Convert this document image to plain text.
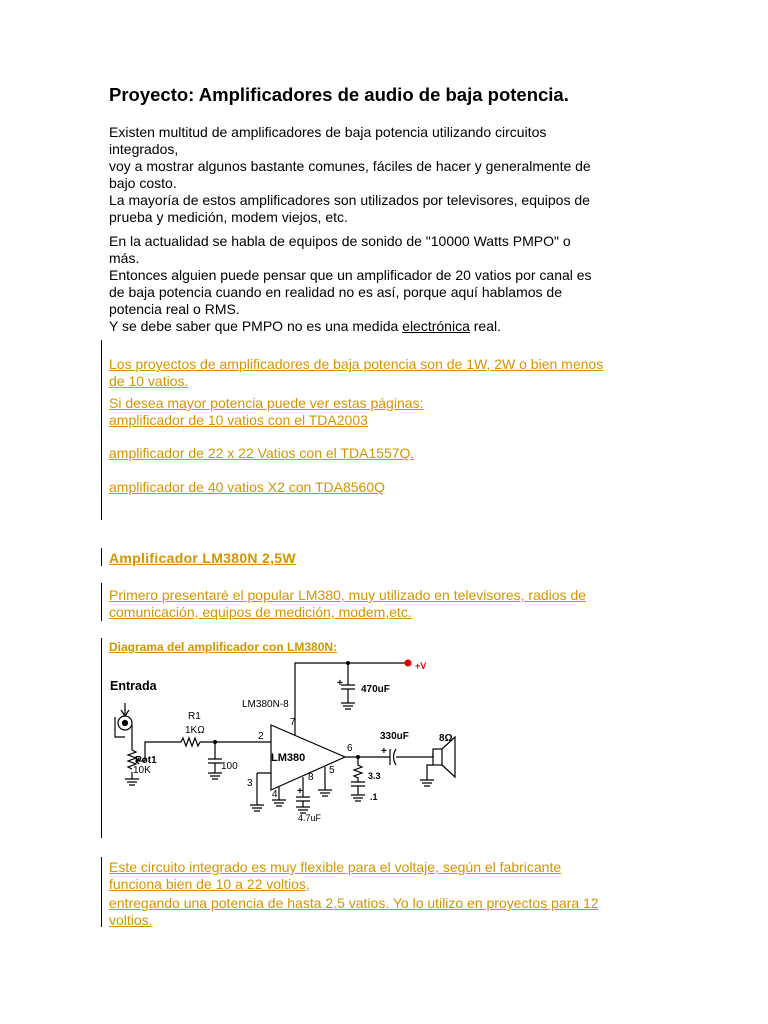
Proyecto: Amplificadores de audio de baja potencia.
Existen multitud de amplificadores de baja potencia utilizando circuitos
integrados,
voy a mostrar algunos bastante comunes, fáciles de hacer y generalmente de
bajo costo.
La mayoría de estos amplificadores son utilizados por televisores, equipos de
prueba y medición, modem viejos, etc.
En la actualidad se habla de equipos de sonido de "10000 Watts PMPO" o
más.
Entonces alguien puede pensar que un amplificador de 20 vatios por canal es
de baja potencia cuando en realidad no es así, porque aquí hablamos de
potencia real o RMS.
Y se debe saber que PMPO no es una medida electrónica real.
Los proyectos de amplificadores de baja potencia son de 1W, 2W o bien menos
de 10 vatios.
Si desea mayor potencia puede ver estas páginas:
amplificador de 10 vatios con el TDA2003
amplificador de 22 x 22 Vatios con el TDA1557Q.
amplificador de 40 vatios X2 con TDA8560Q
Amplificador LM380N 2,5W
Primero presentaré el popular LM380, muy utilizado en televisores, radios de
comunicación, equipos de medición, modem,etc.
Diagrama del amplificador con LM380N:
Entrada
R1
1KΩ
Pot1
10K	100
LM380N-8
LM380
+V
+
470uF
330uF
+
8Ω
3.3
.1
4.7uF
+
2
3
4
5
6
7
8
Este circuito integrado es muy flexible para el voltaje, según el fabricante
funciona bien de 10 a 22 voltios,
entregando una potencia de hasta 2.5 vatios. Yo lo utilizo en proyectos para 12
voltios.
